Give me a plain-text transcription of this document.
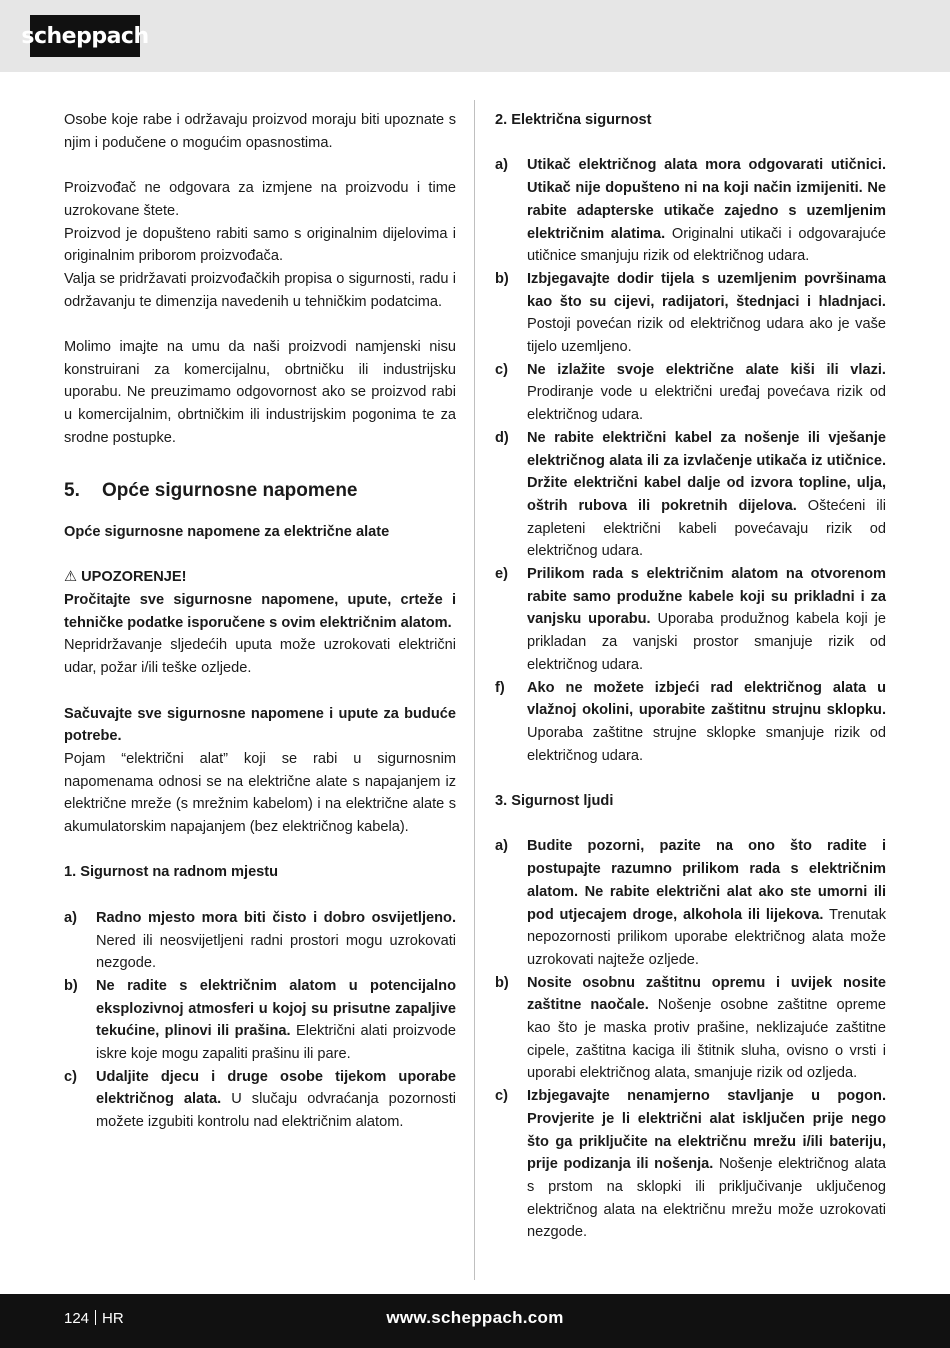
scheppach

Osobe koje rabe i održavaju proizvod moraju biti upoznate s njim i podučene o mogućim opasnostima.

Proizvođač ne odgovara za izmjene na proizvodu i time uzrokovane štete.

Proizvod je dopušteno rabiti samo s originalnim dijelovima i originalnim priborom proizvođača.

Valja se pridržavati proizvođačkih propisa o sigurnosti, radu i održavanju te dimenzija navedenih u tehničkim podatcima.

Molimo imajte na umu da naši proizvodi namjenski nisu konstruirani za komercijalnu, obrtničku ili industrijsku uporabu. Ne preuzimamo odgovornost ako se proizvod rabi u komercijalnim, obrtničkim ili industrijskim pogonima te za srodne postupke.

5.	Opće sigurnosne napomene

Opće sigurnosne napomene za električne alate

⚠ UPOZORENJE!

Pročitajte sve sigurnosne napomene, upute, crteže i tehničke podatke isporučene s ovim električnim alatom.

Nepridržavanje sljedećih uputa može uzrokovati električni udar, požar i/ili teške ozljede.

Sačuvajte sve sigurnosne napomene i upute za buduće potrebe.

Pojam “električni alat” koji se rabi u sigurnosnim napomenama odnosi se na električne alate s napajanjem iz električne mreže (s mrežnim kabelom) i na električne alate s akumulatorskim napajanjem (bez električnog kabela).

1. Sigurnost na radnom mjestu

a)	Radno mjesto mora biti čisto i dobro osvijetljeno. Nered ili neosvijetljeni radni prostori mogu uzrokovati nezgode.
b)	Ne radite s električnim alatom u potencijalno eksplozivnoj atmosferi u kojoj su prisutne zapaljive tekućine, plinovi ili prašina. Električni alati proizvode iskre koje mogu zapaliti prašinu ili pare.
c)	Udaljite djecu i druge osobe tijekom uporabe električnog alata. U slučaju odvraćanja pozornosti možete izgubiti kontrolu nad električnim alatom.

2. Električna sigurnost

a)	Utikač električnog alata mora odgovarati utičnici. Utikač nije dopušteno ni na koji način izmijeniti. Ne rabite adapterske utikače zajedno s uzemljenim električnim alatima. Originalni utikači i odgovarajuće utičnice smanjuju rizik od električnog udara.
b)	Izbjegavajte dodir tijela s uzemljenim površinama kao što su cijevi, radijatori, štednjaci i hladnjaci. Postoji povećan rizik od električnog udara ako je vaše tijelo uzemljeno.
c)	Ne izlažite svoje električne alate kiši ili vlazi. Prodiranje vode u električni uređaj povećava rizik od električnog udara.
d)	Ne rabite električni kabel za nošenje ili vješanje električnog alata ili za izvlačenje utikača iz utičnice. Držite električni kabel dalje od izvora topline, ulja, oštrih rubova ili pokretnih dijelova. Oštećeni ili zapleteni električni kabeli povećavaju rizik od električnog udara.
e)	Prilikom rada s električnim alatom na otvorenom rabite samo produžne kabele koji su prikladni i za vanjsku uporabu. Uporaba produžnog kabela koji je prikladan za vanjski prostor smanjuje rizik od električnog udara.
f)	Ako ne možete izbjeći rad električnog alata u vlažnoj okolini, uporabite zaštitnu strujnu sklopku. Uporaba zaštitne strujne sklopke smanjuje rizik od električnog udara.

3. Sigurnost ljudi

a)	Budite pozorni, pazite na ono što radite i postupajte razumno prilikom rada s električnim alatom. Ne rabite električni alat ako ste umorni ili pod utjecajem droge, alkohola ili lijekova. Trenutak nepozornosti prilikom uporabe električnog alata može uzrokovati najteže ozljede.
b)	Nosite osobnu zaštitnu opremu i uvijek nosite zaštitne naočale. Nošenje osobne zaštitne opreme kao što je maska protiv prašine, neklizajuće zaštitne cipele, zaštitna kaciga ili štitnik sluha, ovisno o vrsti i uporabi električnog alata, smanjuje rizik od ozljeda.
c)	Izbjegavajte nenamjerno stavljanje u pogon. Provjerite je li električni alat isključen prije nego što ga priključite na električnu mrežu i/ili bateriju, prije podizanja ili nošenja. Nošenje električnog alata s prstom na sklopki ili priključivanje uključenog električnog alata na električnu mrežu može uzrokovati nezgode.
124 HR	www.scheppach.com
